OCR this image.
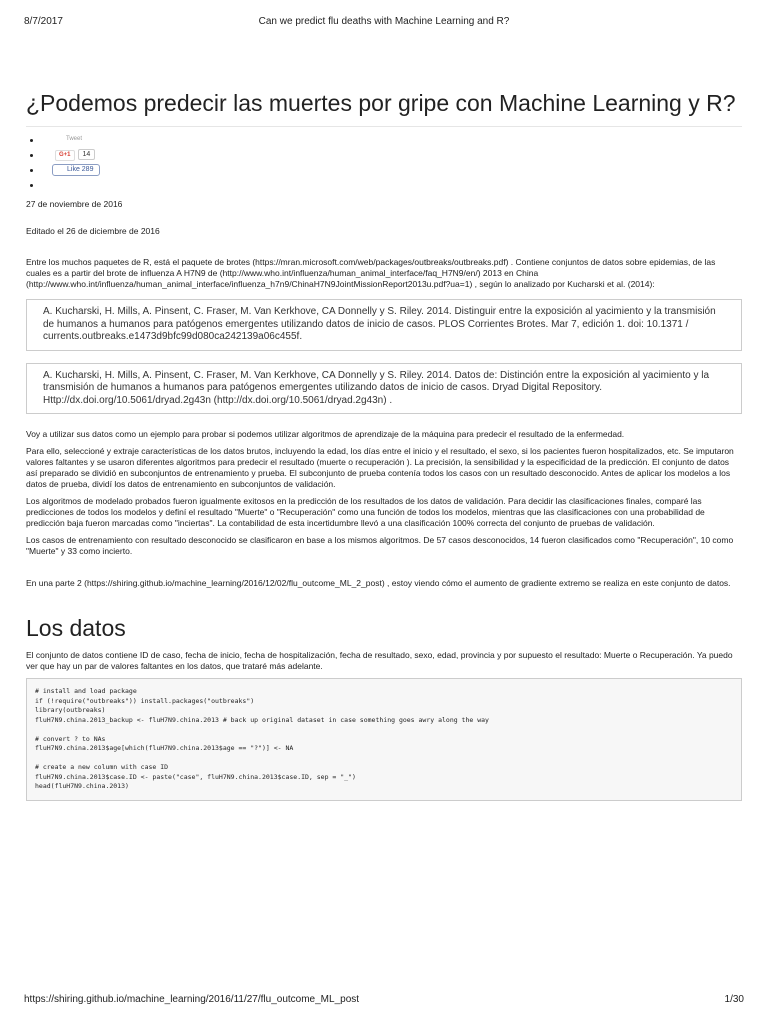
8/7/2017	Can we predict flu deaths with Machine Learning and R?
¿Podemos predecir las muertes por gripe con Machine Learning y R?
• $^{Tweet}$
• G+1 14
• Like 289
•

27 de noviembre de 2016

Editado el 26 de diciembre de 2016

Entre los muchos paquetes de R, está el paquete de brotes (https://mran.microsoft.com/web/packages/outbreaks/outbreaks.pdf) . Contiene conjuntos de datos sobre epidemias, de las cuales es a partir del brote de influenza A H7N9 de (http://www.who.int/influenza/human_animal_interface/faq_H7N9/en/) 2013 en China (http://www.who.int/influenza/human_animal_interface/influenza_h7n9/ChinaH7N9JointMissionReport2013u.pdf?ua=1) , según lo analizado por Kucharski et al. (2014):

A. Kucharski, H. Mills, A. Pinsent, C. Fraser, M. Van Kerkhove, CA Donnelly y S. Riley. 2014. Distinguir entre la exposición al yacimiento y la transmisión de humanos a humanos para patógenos emergentes utilizando datos de inicio de casos. PLOS Corrientes Brotes. Mar 7, edición 1. doi: 10.1371 / currents.outbreaks.e1473d9bfc99d080ca242139a06c455f.
A. Kucharski, H. Mills, A. Pinsent, C. Fraser, M. Van Kerkhove, CA Donnelly y S. Riley. 2014. Datos de: Distinción entre la exposición al yacimiento y la transmisión de humanos a humanos para patógenos emergentes utilizando datos de inicio de casos. Dryad Digital Repository. Http://dx.doi.org/10.5061/dryad.2g43n (http://dx.doi.org/10.5061/dryad.2g43n) .

Voy a utilizar sus datos como un ejemplo para probar si podemos utilizar algoritmos de aprendizaje de la máquina para predecir el resultado de la enfermedad.

Para ello, seleccioné y extraje características de los datos brutos, incluyendo la edad, los días entre el inicio y el resultado, el sexo, si los pacientes fueron hospitalizados, etc. Se imputaron valores faltantes y se usaron diferentes algoritmos para predecir el resultado (muerte o recuperación ). La precisión, la sensibilidad y la especificidad de la predicción. El conjunto de datos así preparado se dividió en subconjuntos de entrenamiento y prueba. El subconjunto de prueba contenía todos los casos con un resultado desconocido. Antes de aplicar los modelos a los datos de prueba, dividí los datos de entrenamiento en subconjuntos de validación.

Los algoritmos de modelado probados fueron igualmente exitosos en la predicción de los resultados de los datos de validación. Para decidir las clasificaciones finales, comparé las predicciones de todos los modelos y definí el resultado "Muerte" o "Recuperación" como una función de todos los modelos, mientras que las clasificaciones con una probabilidad de predicción baja fueron marcadas como "inciertas". La contabilidad de esta incertidumbre llevó a una clasificación 100% correcta del conjunto de pruebas de validación.

Los casos de entrenamiento con resultado desconocido se clasificaron en base a los mismos algoritmos. De 57 casos desconocidos, 14 fueron clasificados como "Recuperación", 10 como "Muerte" y 33 como incierto.

En una parte 2 (https://shiring.github.io/machine_learning/2016/12/02/flu_outcome_ML_2_post) , estoy viendo cómo el aumento de gradiente extremo se realiza en este conjunto de datos.

Los datos

El conjunto de datos contiene ID de caso, fecha de inicio, fecha de hospitalización, fecha de resultado, sexo, edad, provincia y por supuesto el resultado: Muerte o Recuperación. Ya puedo ver que hay un par de valores faltantes en los datos, que trataré más adelante.

# install and load package
if (!require("outbreaks")) install.packages("outbreaks")
library(outbreaks)
fluH7N9.china.2013_backup <- fluH7N9.china.2013 # back up original dataset in case something goes awry along the way

# convert ? to NAs
fluH7N9.china.2013$age[which(fluH7N9.china.2013$age == "?")] <- NA

# create a new column with case ID
fluH7N9.china.2013$case.ID <- paste("case", fluH7N9.china.2013$case.ID, sep = "_")
head(fluH7N9.china.2013)
https://shiring.github.io/machine_learning/2016/11/27/flu_outcome_ML_post	1/30
